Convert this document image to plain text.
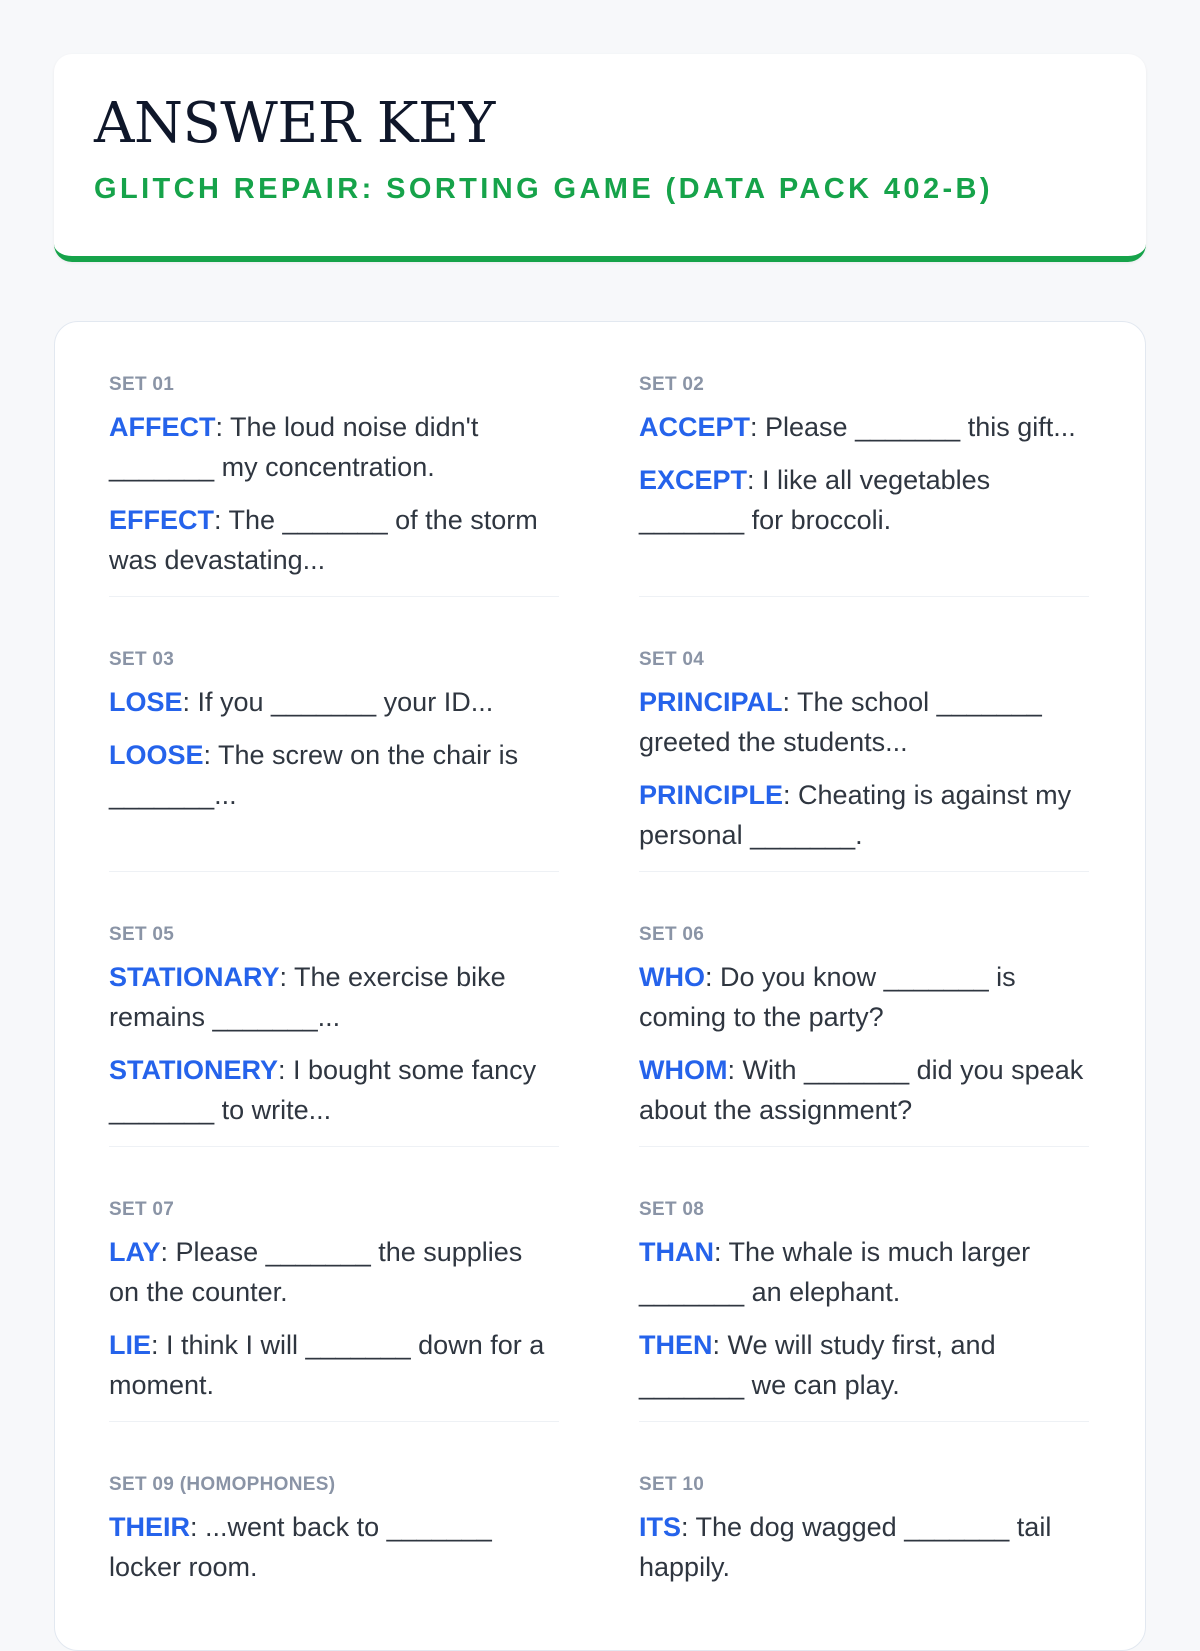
ANSWER KEY
GLITCH REPAIR: SORTING GAME (DATA PACK 402-B)
SET 01
AFFECT: The loud noise didn't _______ my concentration.
EFFECT: The _______ of the storm was devastating...
SET 02
ACCEPT: Please _______ this gift...
EXCEPT: I like all vegetables _______ for broccoli.
SET 03
LOSE: If you _______ your ID...
LOOSE: The screw on the chair is _______...
SET 04
PRINCIPAL: The school _______ greeted the students...
PRINCIPLE: Cheating is against my personal _______.
SET 05
STATIONARY: The exercise bike remains _______...
STATIONERY: I bought some fancy _______ to write...
SET 06
WHO: Do you know _______ is coming to the party?
WHOM: With _______ did you speak about the assignment?
SET 07
LAY: Please _______ the supplies on the counter.
LIE: I think I will _______ down for a moment.
SET 08
THAN: The whale is much larger _______ an elephant.
THEN: We will study first, and _______ we can play.
SET 09 (HOMOPHONES)
THEIR: ...went back to _______ locker room.
SET 10
ITS: The dog wagged _______ tail happily.
